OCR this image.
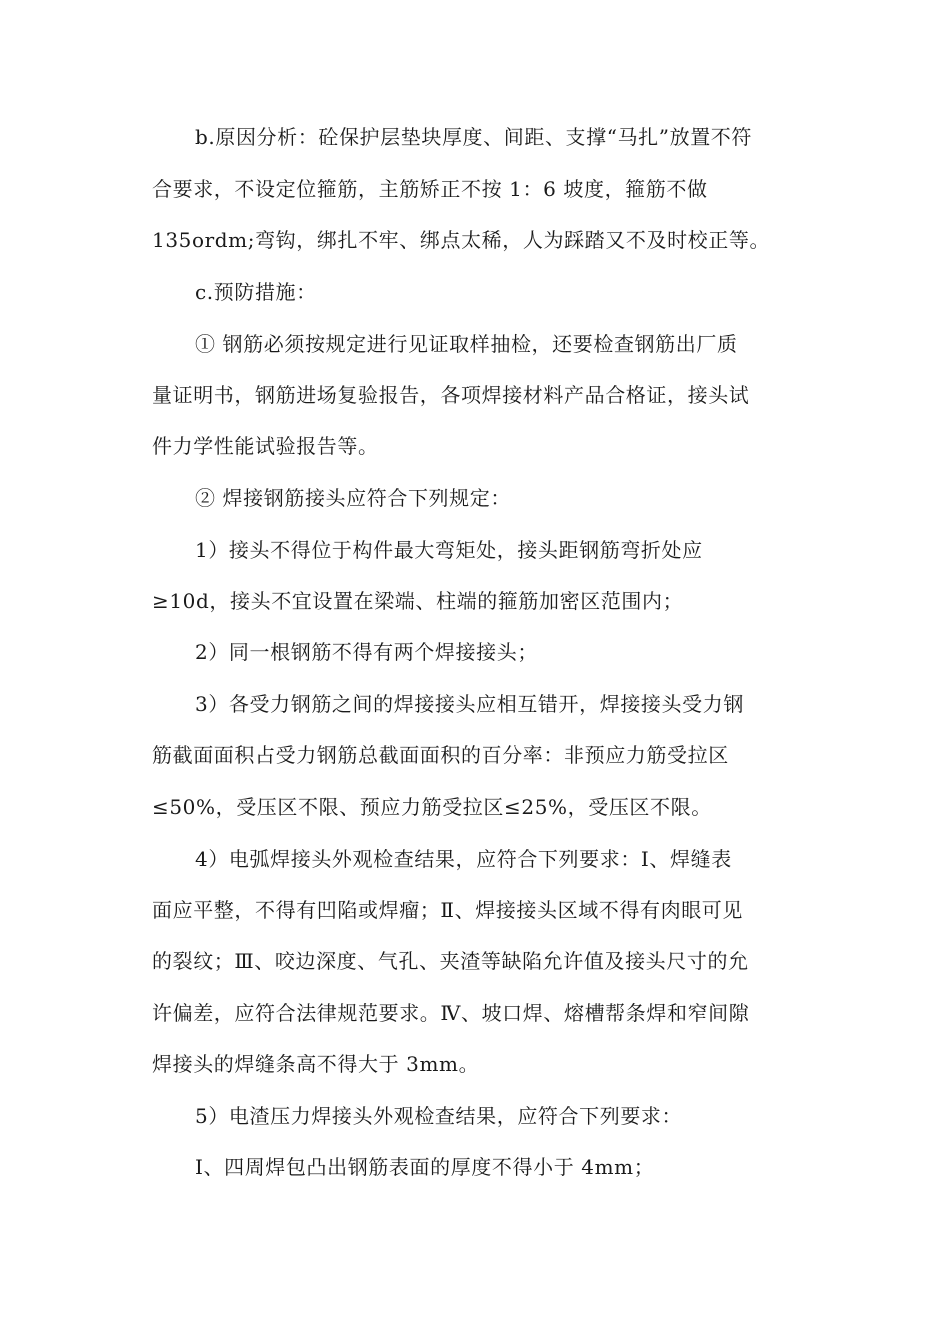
b.原因分析：砼保护层垫块厚度、间距、支撑“马扎”放置不符
合要求，不设定位箍筋，主筋矫正不按 1：6 坡度，箍筋不做
135ordm;弯钩，绑扎不牢、绑点太稀，人为踩踏又不及时校正等。
c.预防措施：
① 钢筋必须按规定进行见证取样抽检，还要检查钢筋出厂质
量证明书，钢筋进场复验报告，各项焊接材料产品合格证，接头试
件力学性能试验报告等。
② 焊接钢筋接头应符合下列规定：
1）接头不得位于构件最大弯矩处，接头距钢筋弯折处应
≥10d，接头不宜设置在梁端、柱端的箍筋加密区范围内；
2）同一根钢筋不得有两个焊接接头；
3）各受力钢筋之间的焊接接头应相互错开，焊接接头受力钢
筋截面面积占受力钢筋总截面面积的百分率：非预应力筋受拉区
≤50%，受压区不限、预应力筋受拉区≤25%，受压区不限。
4）电弧焊接头外观检查结果，应符合下列要求：Ⅰ、焊缝表
面应平整，不得有凹陷或焊瘤；Ⅱ、焊接接头区域不得有肉眼可见
的裂纹；Ⅲ、咬边深度、气孔、夹渣等缺陷允许值及接头尺寸的允
许偏差，应符合法律规范要求。Ⅳ、坡口焊、熔槽帮条焊和窄间隙
焊接头的焊缝条高不得大于 3mm。
5）电渣压力焊接头外观检查结果，应符合下列要求：
Ⅰ、四周焊包凸出钢筋表面的厚度不得小于 4mm；
